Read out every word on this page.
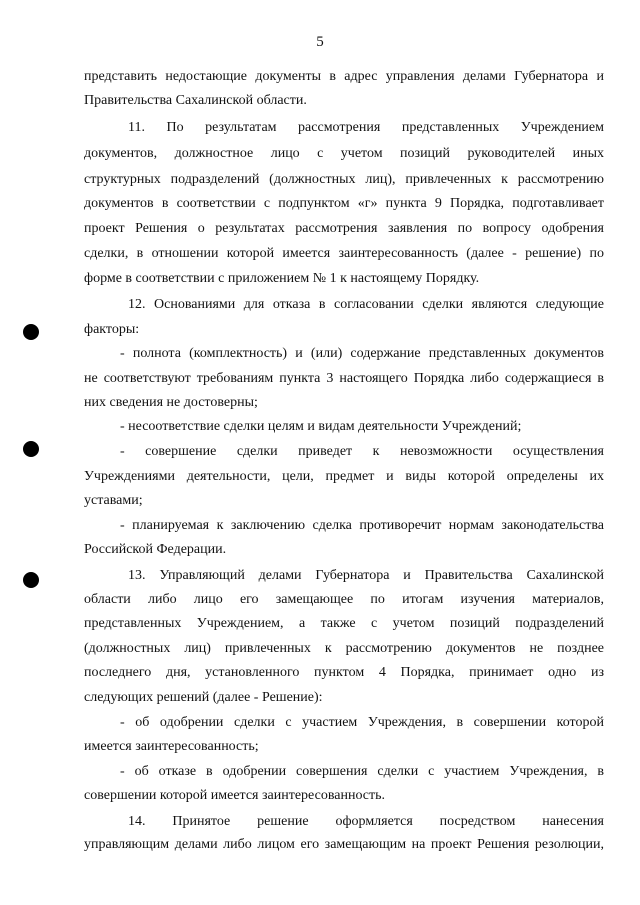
5
представить недостающие документы в адрес управления делами Губернатора и
Правительства Сахалинской области.
11. По результатам рассмотрения представленных Учреждением
документов, должностное лицо с учетом позиций руководителей иных
структурных подразделений (должностных лиц), привлеченных к рассмотрению
документов в соответствии с подпунктом «г» пункта 9 Порядка, подготавливает
проект Решения о результатах рассмотрения заявления по вопросу одобрения
сделки, в отношении которой имеется заинтересованность (далее - решение) по
форме в соответствии с приложением № 1 к настоящему Порядку.
12. Основаниями для отказа в согласовании сделки являются следующие
факторы:
- полнота (комплектность) и (или) содержание представленных документов
не соответствуют требованиям пункта 3 настоящего Порядка либо содержащиеся в
них сведения не достоверны;
- несоответствие сделки целям и видам деятельности Учреждений;
- совершение сделки приведет к невозможности осуществления
Учреждениями деятельности, цели, предмет и виды которой определены их
уставами;
- планируемая к заключению сделка противоречит нормам законодательства
Российской Федерации.
13. Управляющий делами Губернатора и Правительства Сахалинской
области либо лицо его замещающее по итогам изучения материалов,
представленных Учреждением, а также с учетом позиций подразделений
(должностных лиц) привлеченных к рассмотрению документов не позднее
последнего дня, установленного пунктом 4 Порядка, принимает одно из
следующих решений (далее - Решение):
- об одобрении сделки с участием Учреждения, в совершении которой
имеется заинтересованность;
- об отказе в одобрении совершения сделки с участием Учреждения, в
совершении которой имеется заинтересованность.
14. Принятое решение оформляется посредством нанесения
управляющим делами либо лицом его замещающим на проект Решения резолюции,
